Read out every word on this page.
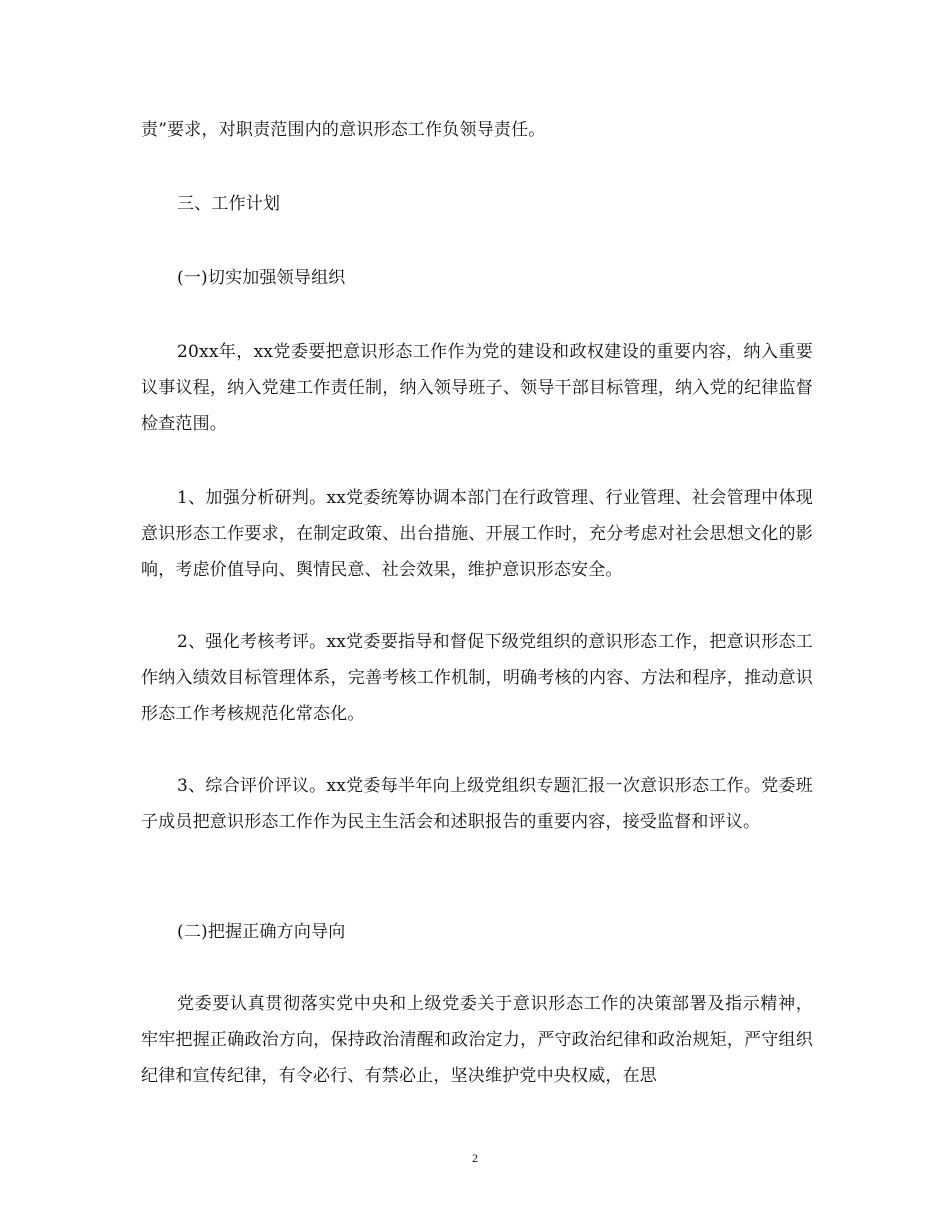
责”要求，对职责范围内的意识形态工作负领导责任。

三、工作计划

(一)切实加强领导组织

20xx年，xx党委要把意识形态工作作为党的建设和政权建设的重要内容，纳入重要议事议程，纳入党建工作责任制，纳入领导班子、领导干部目标管理，纳入党的纪律监督检查范围。

1、加强分析研判。xx党委统筹协调本部门在行政管理、行业管理、社会管理中体现意识形态工作要求，在制定政策、出台措施、开展工作时，充分考虑对社会思想文化的影响，考虑价值导向、舆情民意、社会效果，维护意识形态安全。

2、强化考核考评。xx党委要指导和督促下级党组织的意识形态工作，把意识形态工作纳入绩效目标管理体系，完善考核工作机制，明确考核的内容、方法和程序，推动意识形态工作考核规范化常态化。

3、综合评价评议。xx党委每半年向上级党组织专题汇报一次意识形态工作。党委班子成员把意识形态工作作为民主生活会和述职报告的重要内容，接受监督和评议。

(二)把握正确方向导向

党委要认真贯彻落实党中央和上级党委关于意识形态工作的决策部署及指示精神，牢牢把握正确政治方向，保持政治清醒和政治定力，严守政治纪律和政治规矩，严守组织纪律和宣传纪律，有令必行、有禁必止，坚决维护党中央权威，在思

2
